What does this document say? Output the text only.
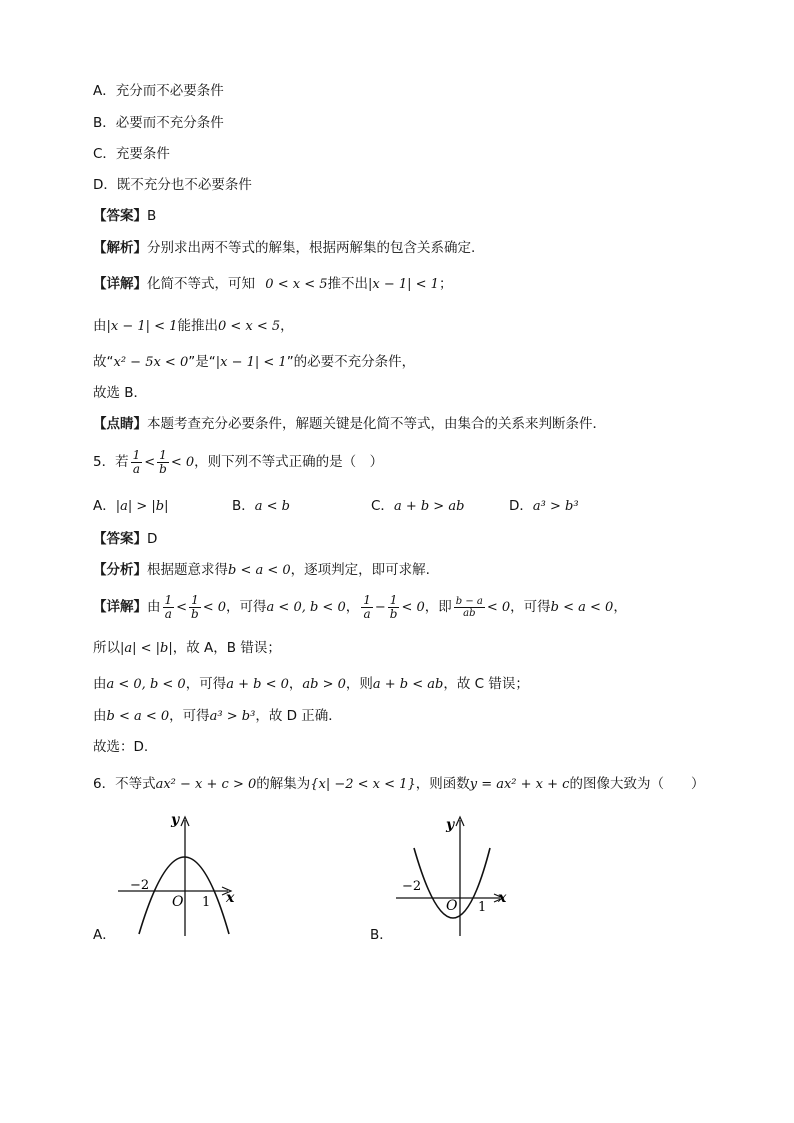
A．充分而不必要条件
B．必要而不充分条件
C．充要条件
D．既不充分也不必要条件
【答案】B
【解析】分别求出两不等式的解集，根据两解集的包含关系确定.
【详解】化简不等式，可知 0 < x < 5推不出|x − 1| < 1；
由|x − 1| < 1能推出0 < x < 5，
故“x² − 5x < 0”是“|x − 1| < 1”的必要不充分条件，
故选 B．
【点睛】本题考查充分必要条件，解题关键是化简不等式，由集合的关系来判断条件．
5．若 $\frac{1}{a} < \frac{1}{b} < 0$，则下列不等式正确的是（　）
A．|a| > |b|	B．a < b	C．a + b > ab	D．a³ > b³
【答案】D
【分析】根据题意求得b < a < 0，逐项判定，即可求解.
【详解】由 $\frac{1}{a} < \frac{1}{b} < 0$，可得a < 0, b < 0， $\frac{1}{a} - \frac{1}{b} < 0$，即 $\frac{b - a}{ab} < 0$，可得b < a < 0，
所以|a| < |b|，故 A，B 错误；
由a < 0, b < 0，可得a + b < 0，ab > 0，则a + b < ab，故 C 错误；
由b < a < 0，可得a³ > b³，故 D 正确．
故选：D.
6．不等式ax² − x + c > 0的解集为{x| −2 < x < 1}，则函数y = ax² + x + c的图像大致为（　　）
A．
y
x
O
−2
1
B．
y
x
O
−2
1
